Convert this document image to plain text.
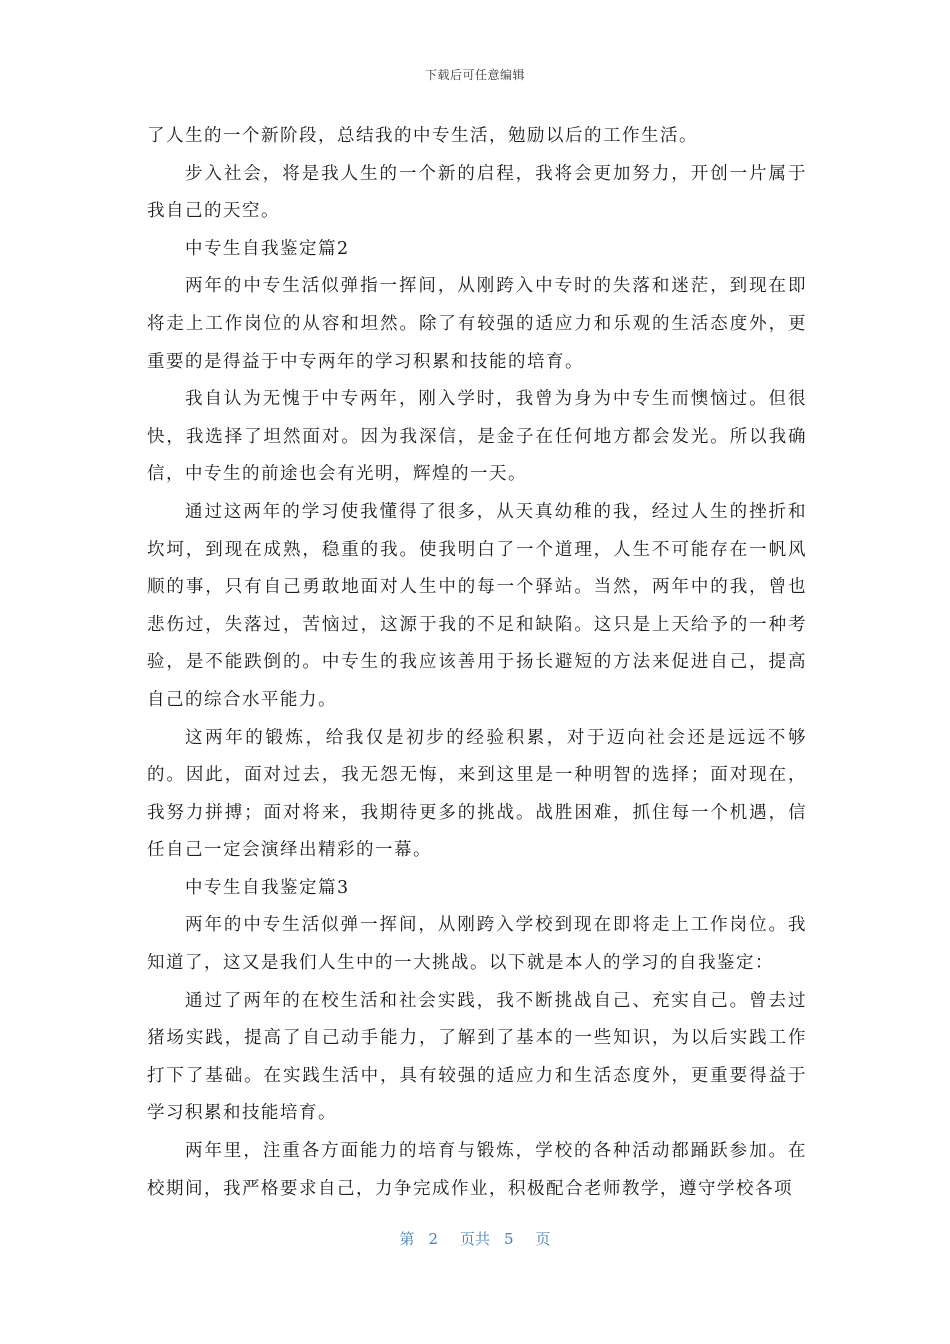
下载后可任意编辑

了人生的一个新阶段，总结我的中专生活，勉励以后的工作生活。

步入社会，将是我人生的一个新的启程，我将会更加努力，开创一片属于我自己的天空。

中专生自我鉴定篇2

两年的中专生活似弹指一挥间，从刚跨入中专时的失落和迷茫，到现在即将走上工作岗位的从容和坦然。除了有较强的适应力和乐观的生活态度外，更重要的是得益于中专两年的学习积累和技能的培育。

我自认为无愧于中专两年，刚入学时，我曾为身为中专生而懊恼过。但很快，我选择了坦然面对。因为我深信，是金子在任何地方都会发光。所以我确信，中专生的前途也会有光明，辉煌的一天。

通过这两年的学习使我懂得了很多，从天真幼稚的我，经过人生的挫折和坎坷，到现在成熟，稳重的我。使我明白了一个道理，人生不可能存在一帆风顺的事，只有自己勇敢地面对人生中的每一个驿站。当然，两年中的我，曾也悲伤过，失落过，苦恼过，这源于我的不足和缺陷。这只是上天给予的一种考验，是不能跌倒的。中专生的我应该善用于扬长避短的方法来促进自己，提高自己的综合水平能力。

这两年的锻炼，给我仅是初步的经验积累，对于迈向社会还是远远不够的。因此，面对过去，我无怨无悔，来到这里是一种明智的选择；面对现在，我努力拼搏；面对将来，我期待更多的挑战。战胜困难，抓住每一个机遇，信任自己一定会演绎出精彩的一幕。

中专生自我鉴定篇3

两年的中专生活似弹一挥间，从刚跨入学校到现在即将走上工作岗位。我知道了，这又是我们人生中的一大挑战。以下就是本人的学习的自我鉴定：

通过了两年的在校生活和社会实践，我不断挑战自己、充实自己。曾去过猪场实践，提高了自己动手能力，了解到了基本的一些知识，为以后实践工作打下了基础。在实践生活中，具有较强的适应力和生活态度外，更重要得益于学习积累和技能培育。

两年里，注重各方面能力的培育与锻炼，学校的各种活动都踊跃参加。在校期间，我严格要求自己，力争完成作业，积极配合老师教学，遵守学校各项

第 2 页共 5 页
